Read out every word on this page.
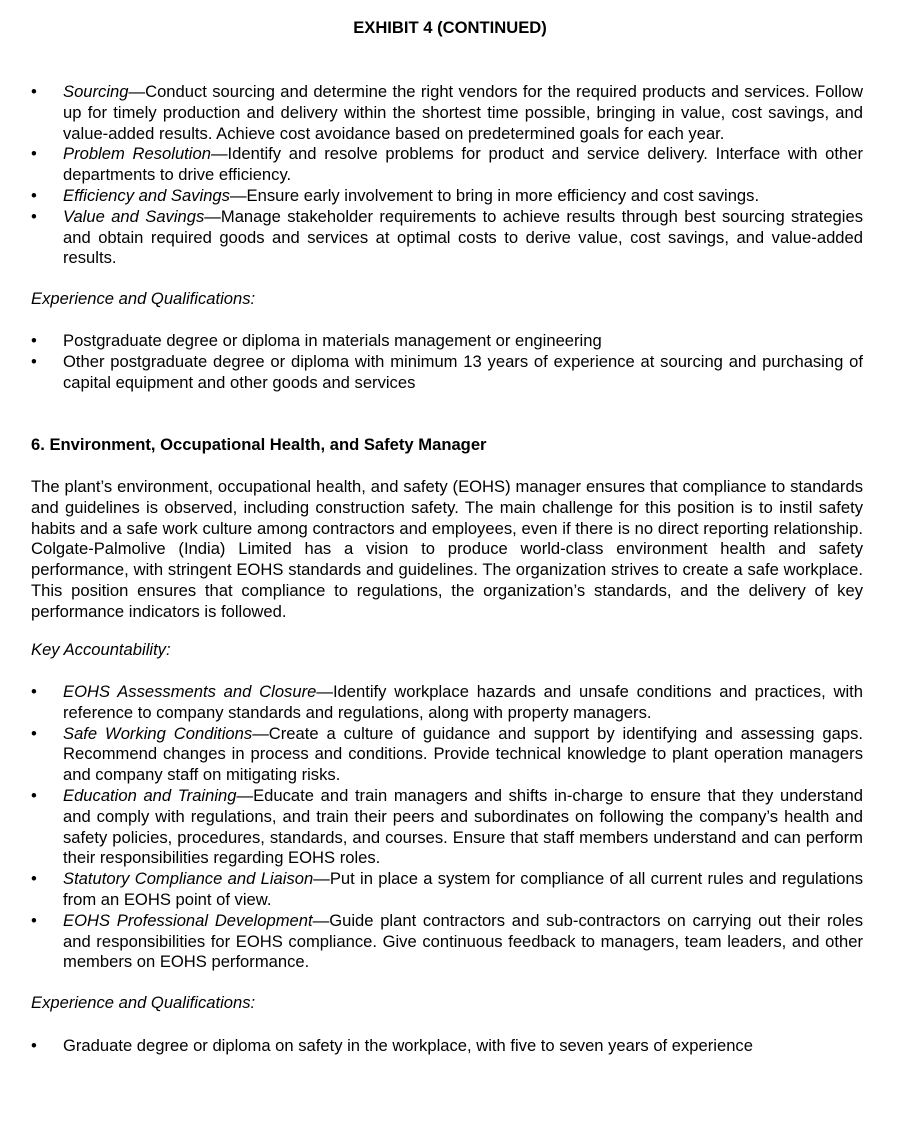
EXHIBIT 4 (CONTINUED)
• Sourcing—Conduct sourcing and determine the right vendors for the required products and services. Follow up for timely production and delivery within the shortest time possible, bringing in value, cost savings, and value-added results. Achieve cost avoidance based on predetermined goals for each year.
• Problem Resolution—Identify and resolve problems for product and service delivery. Interface with other departments to drive efficiency.
• Efficiency and Savings—Ensure early involvement to bring in more efficiency and cost savings.
• Value and Savings—Manage stakeholder requirements to achieve results through best sourcing strategies and obtain required goods and services at optimal costs to derive value, cost savings, and value-added results.
Experience and Qualifications:
• Postgraduate degree or diploma in materials management or engineering
• Other postgraduate degree or diploma with minimum 13 years of experience at sourcing and purchasing of capital equipment and other goods and services
6. Environment, Occupational Health, and Safety Manager
The plant’s environment, occupational health, and safety (EOHS) manager ensures that compliance to standards and guidelines is observed, including construction safety. The main challenge for this position is to instil safety habits and a safe work culture among contractors and employees, even if there is no direct reporting relationship. Colgate-Palmolive (India) Limited has a vision to produce world-class environment health and safety performance, with stringent EOHS standards and guidelines. The organization strives to create a safe workplace. This position ensures that compliance to regulations, the organization’s standards, and the delivery of key performance indicators is followed.
Key Accountability:
• EOHS Assessments and Closure—Identify workplace hazards and unsafe conditions and practices, with reference to company standards and regulations, along with property managers.
• Safe Working Conditions—Create a culture of guidance and support by identifying and assessing gaps. Recommend changes in process and conditions. Provide technical knowledge to plant operation managers and company staff on mitigating risks.
• Education and Training—Educate and train managers and shifts in-charge to ensure that they understand and comply with regulations, and train their peers and subordinates on following the company’s health and safety policies, procedures, standards, and courses. Ensure that staff members understand and can perform their responsibilities regarding EOHS roles.
• Statutory Compliance and Liaison—Put in place a system for compliance of all current rules and regulations from an EOHS point of view.
• EOHS Professional Development—Guide plant contractors and sub-contractors on carrying out their roles and responsibilities for EOHS compliance. Give continuous feedback to managers, team leaders, and other members on EOHS performance.
Experience and Qualifications:
• Graduate degree or diploma on safety in the workplace, with five to seven years of experience
